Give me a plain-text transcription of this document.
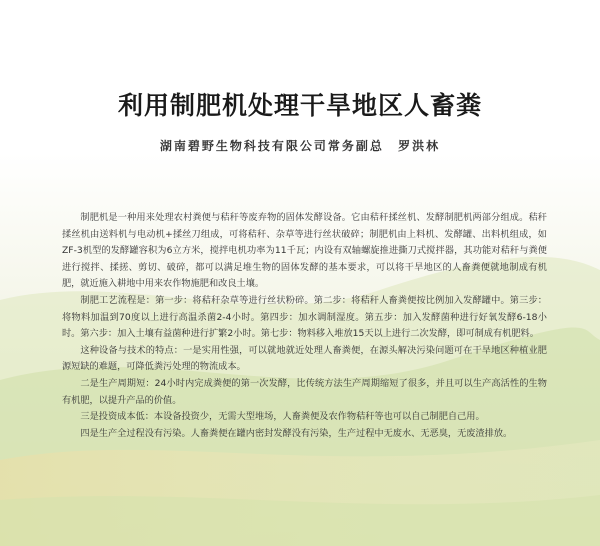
利用制肥机处理干旱地区人畜粪
湖南碧野生物科技有限公司常务副总 罗洪林

制肥机是一种用来处理农村粪便与秸秆等废弃物的固体发酵设备。它由秸秆揉丝机、发酵制肥机两部分组成。秸秆揉丝机由送料机与电动机+揉丝刀组成，可将秸秆、杂草等进行丝状破碎；制肥机由上料机、发酵罐、出料机组成，如ZF-3机型的发酵罐容积为6立方米，搅拌电机功率为11千瓦；内设有双轴螺旋推进撕刀式搅拌器，其功能对秸秆与粪便进行搅拌、揉搓、剪切、破碎，都可以满足堆生物的固体发酵的基本要求，可以将干旱地区的人畜粪便就地制成有机肥，就近施入耕地中用来农作物施肥和改良土壤。

制肥工艺流程是：第一步：将秸秆杂草等进行丝状粉碎。第二步：将秸秆人畜粪便按比例加入发酵罐中。第三步：将物料加温到70度以上进行高温杀菌2-4小时。第四步：加水调制湿度。第五步：加入发酵菌种进行好氧发酵6-18小时。第六步：加入土壤有益菌种进行扩繁2小时。第七步：物料移入堆放15天以上进行二次发酵，即可制成有机肥料。

这种设备与技术的特点：一是实用性强，可以就地就近处理人畜粪便，在源头解决污染问题可在干旱地区种植业肥源短缺的难题，可降低粪污处理的物流成本。

二是生产周期短：24小时内完成粪便的第一次发酵，比传统方法生产周期缩短了很多，并且可以生产高活性的生物有机肥，以提升产品的价值。

三是投资成本低：本设备投资少，无需大型堆场，人畜粪便及农作物秸秆等也可以自己制肥自己用。

四是生产全过程没有污染。人畜粪便在罐内密封发酵没有污染，生产过程中无废水、无恶臭，无废渣排放。
